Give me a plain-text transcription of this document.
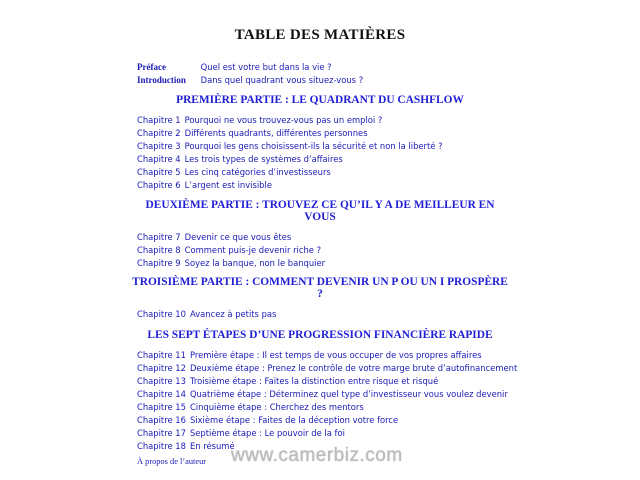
TABLE DES MATIÈRES
Préface	Quel est votre but dans la vie ?
Introduction Dans quel quadrant vous situez-vous ?
PREMIÈRE PARTIE : LE QUADRANT DU CASHFLOW
Chapitre 1 Pourquoi ne vous trouvez-vous pas un emploi ?
Chapitre 2 Différents quadrants, différentes personnes
Chapitre 3 Pourquoi les gens choisissent-ils la sécurité et non la liberté ?
Chapitre 4 Les trois types de systèmes d’affaires
Chapitre 5 Les cinq catégories d’investisseurs
Chapitre 6 L’argent est invisible
DEUXIÈME PARTIE : TROUVEZ CE QU’IL Y A DE MEILLEUR EN VOUS
Chapitre 7 Devenir ce que vous êtes
Chapitre 8 Comment puis-je devenir riche ?
Chapitre 9 Soyez la banque, non le banquier
TROISIÈME PARTIE : COMMENT DEVENIR UN P OU UN I PROSPÈRE ?
Chapitre 10 Avancez à petits pas
LES SEPT ÉTAPES D’UNE PROGRESSION FINANCIÈRE RAPIDE
Chapitre 11 Première étape : Il est temps de vous occuper de vos propres affaires
Chapitre 12 Deuxième étape : Prenez le contrôle de votre marge brute d’autofinancement
Chapitre 13 Troisième étape : Faites la distinction entre risque et risqué
Chapitre 14 Quatrième étape : Déterminez quel type d’investisseur vous voulez devenir
Chapitre 15 Cinquième étape : Cherchez des mentors
Chapitre 16 Sixième étape : Faites de la déception votre force
Chapitre 17 Septième étape : Le pouvoir de la foi
Chapitre 18 En résumé
À propos de l’auteur www.camerbiz.com
